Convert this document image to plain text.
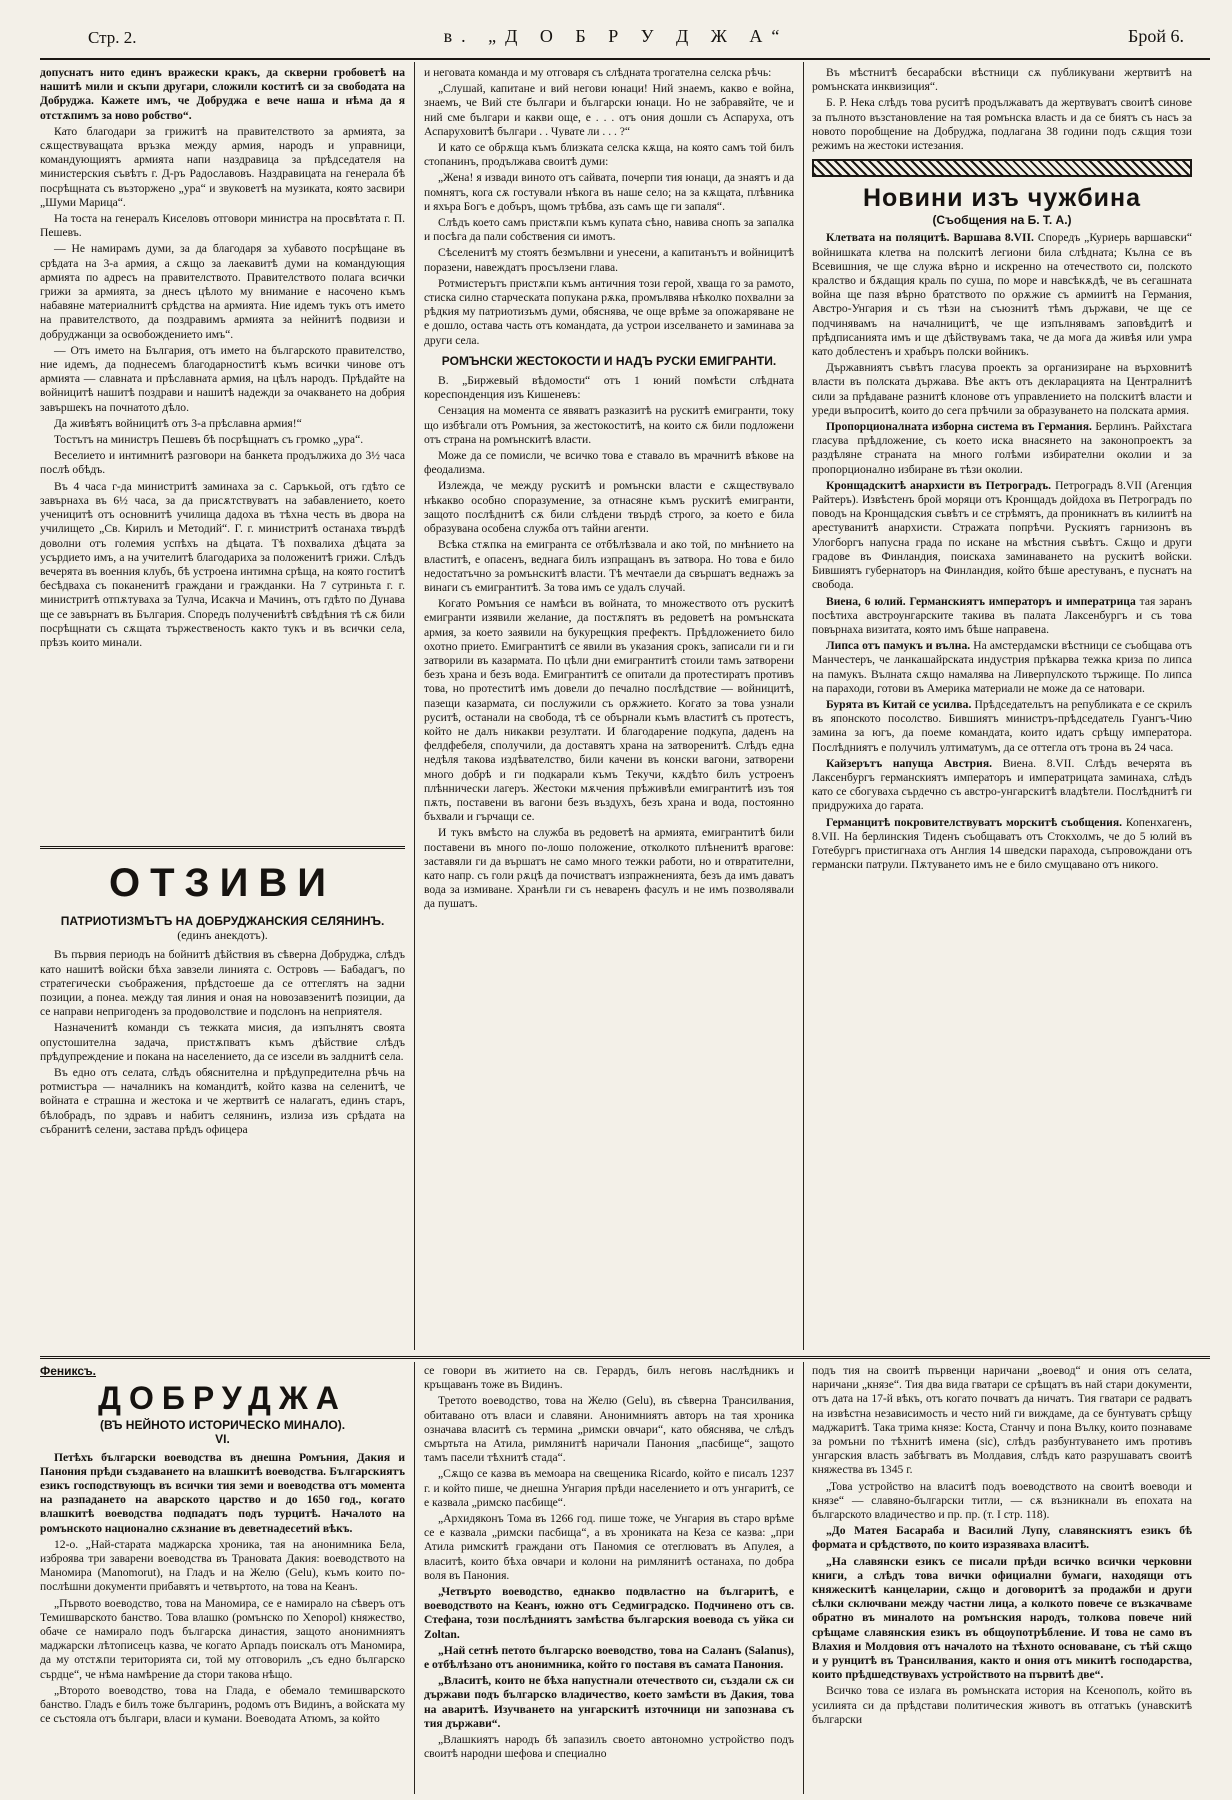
Стр. 2.	в. „Д О Б Р У Д Ж А“	Брой 6.

допуснатъ нито единъ вражески кракъ, да скверни гробоветѣ на нашитѣ мили и скъпи другари, сложили коститѣ си за свободата на Добруджа. Кажете имъ, че Добруджа е вече наша и нѣма да я отстѫпимъ за ново робство“.

Като благодари за грижитѣ на правителството за армията, за сѫществуващата връзка между армия, народъ и управници, командующиятъ армията напи наздравица за прѣдседателя на министерския съвѣтъ г. Д-ръ Радославовъ. Наздравицата на генерала бѣ посрѣщната съ възторжено „ура“ и звуковетѣ на музиката, която засвири „Шуми Марица“.

На тоста на генералъ Киселовъ отговори министра на просвѣтата г. П. Пешевъ.

— Не намирамъ думи, за да благодаря за хубавото посрѣщане въ срѣдата на 3-а армия, а сѫщо за лаекавитѣ думи на командующия армията по адресъ на правителството. Правителството полага всички грижи за армията, за днесъ цѣлото му внимание е насочено къмъ набавяне материалнитѣ срѣдства на армията. Ние идемъ тукъ отъ името на правителството, да поздравимъ армията за нейнитѣ подвизи и добруджанци за освобождението имъ“.

— Отъ името на България, отъ името на българското правителство, ние идемъ, да поднесемъ благодарноститѣ къмъ всички чинове отъ армията — славната и прѣславната армия, на цѣлъ народъ. Прѣдайте на войницитѣ нашитѣ поздрави и нашитѣ надежди за очакването на добрия завършекъ на почнатото дѣло.

Да живѣятъ войницитѣ отъ 3-а прѣславна армия!“

Тостътъ на министръ Пешевъ бѣ посрѣщнатъ съ громко „ура“.

Веселието и интимнитѣ разговори на банкета продължиха до 3½ часа послѣ обѣдъ.

Въ 4 часа г-да министритѣ заминаха за с. Саръкьой, отъ гдѣто се завърнаха въ 6½ часа, за да присѫтствуватъ на забавлението, което ученицитѣ отъ основнитѣ училища дадоха въ тѣхна честь въ двора на училището „Св. Кирилъ и Методий“. Г. г. министритѣ останаха твърдѣ доволни отъ големия успѣхъ на дѣцата. Тѣ похвалиха дѣцата за усърдието имъ, а на учителитѣ благодариха за положенитѣ грижи. Слѣдъ вечерята въ военния клубъ, бѣ устроена интимна срѣща, на която гоститѣ бесѣдваха съ поканенитѣ граждани и гражданки. На 7 сутриньта г. г. министритѣ отпѫтуваха за Тулча, Исакча и Мачинъ, отъ гдѣто по Дунава ще се завърнатъ въ България. Споредъ получениѣтѣ свѣдѣния тѣ сѫ били посрѣщнати съ сѫщата тържественость както тукъ и въ всички села, прѣзъ които минали.

ОТЗИВИ
ПАТРИОТИЗМЪТЪ НА ДОБРУДЖАНСКИЯ СЕЛЯНИНЪ.
(единъ анекдотъ).

Въ първия периодъ на бойнитѣ дѣйствия въ сѣверна Добруджа, слѣдъ като нашитѣ войски бѣха завзели линията с. Островъ — Бабадагъ, по стратегически съображения, прѣдстоеше да се оттеглятъ на задни позиции, а понеа. между тая линия и оная на новозавзенитѣ позиции, да се направи непригоденъ за продоволствие и подслонъ на неприятеля.

Назначенитѣ команди съ тежката мисия, да изпълнятъ своята опустошителна задача, пристѫпватъ къмъ дѣйствие слѣдъ прѣдупреждение и поканa на населението, да се изсели въ залднитѣ села.

Въ едно отъ селата, слѣдъ обяснителна и прѣдупредителна рѣчь на ротмистъра — началникъ на командитѣ, който казва на селенитѣ, че войната е страшна и жестока и че жертвитѣ се налагатъ, единъ старъ, бѣлобрадъ, по здравъ и набитъ селянинъ, излиза изъ срѣдата на събранитѣ селени, застава прѣдъ офицера

и неговата команда и му отговаря съ слѣдната трогателна селска рѣчь:

„Слушай, капитане и вий нeгови юнаци! Ний знаемъ, какво е война, знаемъ, че Вий сте българи и български юнаци. Но не забравяйте, че и ний сме българи и какви още, е . . . отъ ония дошли съ Аспаруха, отъ Аспаруховитѣ българи . . Чувате ли . . . ?“

И като се обрѫща къмъ близката селска кѫща, на която самъ той билъ стопанинъ, продължава своитѣ думи:

„Жена! я извади виното отъ сайвата, почерпи тия юнаци, да знаятъ и да помнятъ, кога сѫ гостували нѣкога въ наше село; на за кѫщата, плѣвника и яхъра Богъ е добъръ, щомъ трѣбва, азъ самъ ще ги запаля“.

Слѣдъ което самъ пристѫпи къмъ купата сѣно, навива снопъ за запалка и посѣга да пали собствения си имотъ.

Сѣселенитѣ му стоятъ безмълвни и унесени, а капитанътъ и войницитѣ поразени, навеждатъ просълзени глава.

Ротмистерътъ пристѫпи къмъ античния този герой, хваща го за рамото, стиска силно старческата попукана рѫка, промълвява нѣколко похвални за рѣдкия му патриотизъмъ думи, обяснява, че още врѣме за опожаряване не е дошло, остава часть отъ командата, да устрои изселването и заминава за други села.

РОМЪНСКИ ЖЕСТОКОСТИ И НАДЪ РУСКИ ЕМИГРАНТИ.

В. „Биржевый вѣдомости“ отъ 1 юний помѣсти слѣдната кореспонденция изъ Кишеневъ:

Сензация на момента се явяватъ разказитѣ на рускитѣ емигранти, току що избѣгали отъ Ромъния, за жестокоститѣ, на които сѫ били подложени отъ страна на ромънскитѣ власти.

Може да се помисли, че всичко това е ставало въ мрачнитѣ вѣкове на феодализма.

Излежда, че между рускитѣ и ромънски власти е сѫществувало нѣкакво особно споразумение, за отнасяне къмъ рускитѣ емигранти, защото послѣднитѣ сѫ били слѣдени твърдѣ строго, за което е била образувана особена служба отъ тайни агенти.

Всѣка стѫпка на емигранта се отбѣлѣзвала и ако той, по мнѣнието на властитѣ, е опасенъ, веднага билъ изпращанъ въ затвора. Но това е било недостатъчно за ромънскитѣ власти. Тѣ мечтаели да свършатъ веднажъ за винаги съ емигрантитѣ. За това имъ се удалъ случай.

Когато Ромъния се намѣси въ войната, то множеството отъ рускитѣ емигранти изявили желание, да постѫпятъ въ редоветѣ на ромънската армия, за което заявили на букурещкия префектъ. Прѣдложението било охотно прието. Емигрантитѣ се явили въ указания срокъ, записали ги и ги затворили въ казармата. По цѣли дни емигрантитѣ стоили тамъ затворени безъ храна и безъ вода. Емигрантитѣ се опитали да протестиратъ противъ това, но протеститѣ имъ довели до печално послѣдствие — войницитѣ, пазещи казармата, си послужили съ орѫжието. Когато за това узнали руситѣ, останали на свобода, тѣ се обърнали къмъ властитѣ съ протестъ, който не далъ никакви резултати. И благодарение подкупа, даденъ на фелдфебеля, сполучили, да доставятъ храна на затворенитѣ. Слѣдъ една недѣля такова издѣвателство, били качени въ конски вагони, затворени много добрѣ и ги подкарали къмъ Текучи, кѫдѣто билъ устроенъ плѣннически лагеръ. Жестоки мѫчения прѣживѣли емигрантитѣ изъ тоя пѫть, поставени въ вагони безъ въздухъ, безъ храна и вода, постоянно бъхвали и гърчащи се.

И тукъ вмѣсто на служба въ редоветѣ на армията, емигрантитѣ били поставени въ много по-лошо положение, отколкото плѣненитѣ врагове: заставяли ги да вършатъ не само много тежки работи, но и отвратителни, като напр. съ голи рѫцѣ да почистватъ изпражненията, безъ да имъ даватъ вода за измиване. Хранѣли ги съ неваренъ фасулъ и не имъ позволявали да пушатъ.

Въ мѣстнитѣ бесарабски вѣстници сѫ публикувани жертвитѣ на ромънската инквизиция“.

Б. Р. Нека слѣдъ това руситѣ продължаватъ да жертвуватъ своитѣ синове за пълното възстановление на тая ромънска власть и да се биятъ съ насъ за новото поробщение на Добруджа, подлагана 38 години подъ сѫщия този режимъ на жестоки истезания.

Новини изъ чужбина
(Съобщения на Б. Т. А.)

Клетвата на поляцитѣ. Варшава 8.VII. Споредъ „Куриерь варшавски“ войнишката клетва на полскитѣ легиони била слѣдната; Кълна се въ Всевишния, че ще служа вѣрно и искренно на отечеството си, полското кралство и бѫдащия краль по суша, по море и навсѣкѫдѣ, че въ сегашната война ще пазя вѣрно братството по орѫжие съ армиитѣ на Германия, Австро-Унгария и съ тѣзи на съюзнитѣ тѣмъ държави, че ще се подчинявамъ на началницитѣ, че ще изпълнявамъ заповѣдитѣ и прѣдписанията имъ и ще дѣйствувамъ така, че да мога да живѣя или умра като доблестенъ и храбъръ полски войникъ.

Държавниятъ съвѣтъ гласува проекть за организиране на върховнитѣ власти въ полската държава. Вѣе актъ отъ декларацията на Централнитѣ сили за прѣдаване разнитѣ клонове отъ управлението на полскитѣ власти и уреди въпроситѣ, които до сега прѣчили за образуването на полската армия.

Пропорционалната изборна система въ Германия. Берлинъ. Райхстага гласува прѣдложение, съ което иска внасянето на законопроектъ за раздѣляне страната на много голѣми избирателни околии и за пропорционално избиране въ тѣзи околии.

Кронщадскитѣ анархисти въ Петроградъ. Петроградъ 8.VII (Агенция Райтеръ). Извѣстенъ брой моряци отъ Кронщадъ дойдоха въ Петроградъ по поводъ на Кронщадския съвѣтъ и се стрѣмятъ, да проникнатъ въ килиитѣ на арестуванитѣ анархисти. Стражата попрѣчи. Рускиятъ гарнизонъ въ Улогборгъ напусна града по искане на мѣстния съвѣтъ. Сѫщо и други градове въ Финландия, поискаха заминаването на рускитѣ войски. Бившиятъ губернаторъ на Финландия, който бѣше арестуванъ, е пуснатъ на свобода.

Виена, 6 юлий. Германскиятъ императоръ и императрица тая заранъ посѣтиха австроунгарските такива въ палата Лаксенбургъ и съ това повърнаха визитата, която имъ бѣше направена.

Липса отъ памукъ и вълна. На амстердамски вѣстници се съобщава отъ Манчестеръ, че ланкашайрската индустрия прѣкарва тежка криза по липса на памукъ. Вълната сѫщо намалява на Ливерпулското тържище. По липса на параходи, готови въ Америка материали не може да се натовари.

Бурята въ Китай се усилва. Прѣдседательтъ на републиката е се скрилъ въ японското посолство. Бившиятъ министръ-прѣдседатель Гуангъ-Чию замина за югъ, да поеме командата, които идатъ срѣщу императора. Послѣдниятъ е получилъ ултиматумъ, да се оттегла отъ трона въ 24 часа.

Кайзерътъ напуща Австрия. Виена. 8.VII. Слѣдъ вечерята въ Лаксенбургъ германскиятъ императоръ и императрицата заминаха, слѣдъ като се сбогуваха сърдечно съ австро-унгарскитѣ владѣтели. Послѣднитѣ ги придружиха до гарата.

Германцитѣ покровителствуватъ морскитѣ съобщения. Копенхагенъ, 8.VII. На берлинския Тиденъ съобщаватъ отъ Стокхолмъ, че до 5 юлий въ Готебургъ пристигнаха отъ Англия 14 шведски парахода, съпровождани отъ германски патрули. Пѫтуването имъ не е било смущавано отъ никого.

Фениксъ.
ДОБРУДЖА
(ВЪ НЕЙНОТО ИСТОРИЧЕСКО МИНАЛО).
VI.

Петѣхъ български воеводства въ днешна Ромъния, Дакия и Панония прѣди създаването на влашкитѣ воеводства. Българскиятъ езикъ господствующъ въ всички тия земи и воеводства отъ момента на разпадането на аварското царство и до 1650 год., когато влашкитѣ воеводства подпадатъ подъ турцитѣ. Началото на ромънското национално сѫзнание въ деветнадесетий вѣкъ.

12-о. „Най-старата маджарска хроника, тая на анонимника Бела, изброява три заварени воеводства въ Трановата Дакия: воеводството на Маномира (Manomorut), на Гладъ и на Желю (Gelu), къмъ които по-послѣшни документи прибавятъ и четвъртото, на това на Кеанъ.

„Първото воеводство, това на Маномира, се е намирало на сѣверъ отъ Темишварското банство. Това влашко (ромънско по Xenopol) княжество, обаче се намирало подъ българска династия, защото анонимниятъ маджарски лѣтописецъ казва, че когато Арпадъ поискалъ отъ Маномира, да му отстѫпи територията си, той му отговорилъ „съ едно българско сърдце“, че нѣма намѣрение да стори такова нѣщо.

„Второто воеводство, това на Глада, е обемало темишварското банство. Гладъ е билъ тоже българинъ, родомъ отъ Видинъ, а войската му се състояла отъ българи, власи и кумани. Воеводата Атюмъ, за който

се говори въ житието на св. Герардъ, билъ неговъ наслѣдникъ и кръщаванъ тоже въ Видинъ.

Третото воеводство, това на Желю (Gelu), въ сѣверна Трансилвания, обитавано отъ власи и славяни. Анонимниятъ авторъ на тая хроника означава власитѣ съ термина „римски овчари“, като обяснява, че слѣдъ смъртьта на Атила, римлянитѣ наричали Панония „пасбище“, защото тамъ пасели тѣхнитѣ стада“.

„Сѫщо се казва въ мемоара на свещеника Ricardo, който е писалъ 1237 г. и който пише, че днешна Унгария прѣди населението и отъ унгаритѣ, се е казвала „римско пасбище“.

„Архидяконъ Тома въ 1266 год. пише тоже, че Унгария въ старо врѣме се е казвала „римски пасбища“, а въ хрониката на Кеза се казва: „при Атила римскитѣ граждани отъ Паномия се отеглюватъ въ Апулея, а власитѣ, които бѣха овчари и колони на римлянитѣ останаха, по добра воля въ Панония.

„Четвърто воеводство, еднакво подвластно на българитѣ, е воеводството на Кеанъ, южно отъ Седмиградско. Подчинено отъ св. Стефана, този послѣдниятъ замѣства българския воевода съ уйка си Zoltan.

„Най сетнѣ петото българско воеводство, това на Саланъ (Salanus), е отбѣлѣзано отъ анонимника, който го поставя въ самата Панония.

„Власитѣ, които не бѣха напустнали отечеството си, създали сѫ си държави подъ българско владичество, което замѣсти въ Дакия, това на аваритѣ. Изучването на унгарскитѣ източници ни запознава съ тия държави“.

„Влашкиятъ народъ бѣ запазилъ своето автономно устройство подъ своитѣ народни шефова и специално

подъ тия на своитѣ първенци наричани „воевод“ и ония отъ селата, наричани „князе“. Тия два вида гватари се срѣщатъ въ най стари документи, отъ дата на 17-й вѣкъ, отъ когато почватъ да ничатъ. Тия гватари се радватъ на извѣстна независимость и често ний ги виждаме, да се бунтуватъ срѣщу маджаритѣ. Така трима князе: Коста, Станчу и пона Вълку, които познаваме за ромъни по тѣхнитѣ имена (sic), слѣдъ разбунтуването имъ противъ унгарския власть забѣгватъ въ Молдавия, слѣдъ като разрушаватъ своитѣ княжества въ 1345 г.

„Това устройство на власитѣ подъ воеводството на своитѣ воеводи и князе“ — славяно-български титли, — сѫ възникнали въ епохата на българското владичество и пр. пр. (т. I стр. 118).

„До Матея Басараба и Василий Лупу, славянскиятъ езикъ бѣ формата и срѣдството, по които изразяваха власитѣ.

„На славянски езикъ се писали прѣди всичко всички черковни книги, а слѣдъ това вички официални бумаги, находящи отъ княжескитѣ канцеларии, сѫщо и договоритѣ за продажби и други сѣлки сключвани между частни лица, а колкото повече се възкачваме обратно въ миналото на ромънския народъ, толкова повече ний срѣщаме славянския езикъ въ общоупотрѣбление. И това не само въ Влахия и Молдовия отъ началото на тѣхното основаване, съ тѣй сѫщо и у рунцитѣ въ Трансилвания, както и ония отъ микитѣ господарства, които прѣдшедствувахъ устройството на първитѣ две“.

Всичко това се излага въ ромънската история на Ксенополъ, който въ усилията си да прѣдстави политическия животъ въ отгатъкъ (унавскитѣ български
